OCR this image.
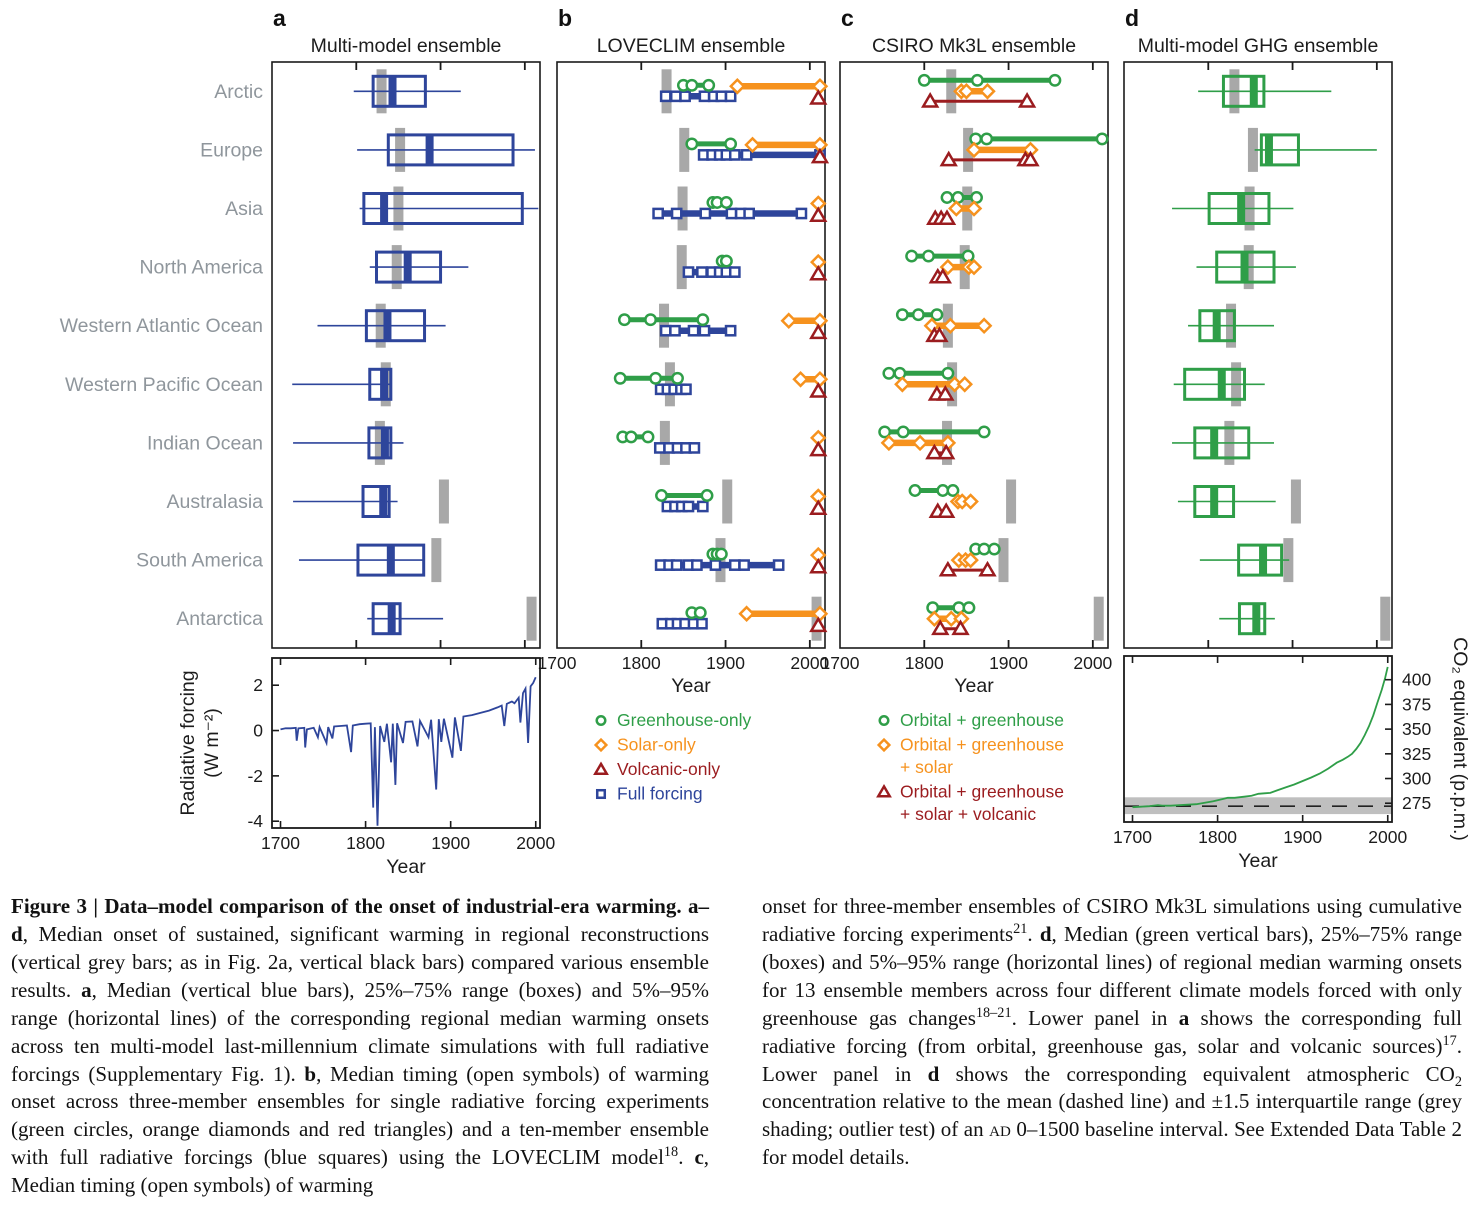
Arctic
Europe
Asia
North America
Western Atlantic Ocean
Western Pacific Ocean
Indian Ocean
Australasia
South America
Antarctica
a
Multi-model ensemble
b
LOVECLIM ensemble
1700	1800	1900	2000
Year
Greenhouse-only
Solar-only
Volcanic-only
Full forcing
c
CSIRO Mk3L ensemble
1700	1800	1900	2000
Year
Orbital + greenhouse
Orbital + greenhouse
+ solar
Orbital + greenhouse
+ solar + volcanic
d
Multi-model GHG ensemble
1700	1800	1900	2000
Year
-4
-2
0
2
Radiative forcing (W m⁻²)
1700	1800	1900	2000
Year
275
300
325
350
375
400 CO₂ equivalent (p.p.m.)
Figure 3 | Data–model comparison of the onset of industrial-era warming. a–d, Median onset of sustained, significant warming in regional reconstructions (vertical grey bars; as in Fig. 2a, vertical black bars) compared various ensemble results. a, Median (vertical blue bars), 25%–75% range (boxes) and 5%–95% range (horizontal lines) of the corresponding regional median warming onsets across ten multi-model last-millennium climate simulations with full radiative forcings (Supplementary Fig. 1). b, Median timing (open symbols) of warming onset across three-member ensembles for single radiative forcing experiments (green circles, orange diamonds and red triangles) and a ten-member ensemble with full radiative forcings (blue squares) using the LOVECLIM model$^{18}$. c, Median timing (open symbols) of warming
onset for three-member ensembles of CSIRO Mk3L simulations using cumulative radiative forcing experiments$^{21}$. d, Median (green vertical bars), 25%–75% range (boxes) and 5%–95% range (horizontal lines) of regional median warming onsets for 13 ensemble members across four different climate models forced with only greenhouse gas changes$^{18-21}$. Lower panel in a shows the corresponding full radiative forcing (from orbital, greenhouse gas, solar and volcanic sources)$^{17}$. Lower panel in d shows the corresponding equivalent atmospheric $CO_2$ concentration relative to the mean (dashed line) and ±1.5 interquartile range (grey shading; outlier test) of an ad 0–1500 baseline interval. See Extended Data Table 2 for model details.
